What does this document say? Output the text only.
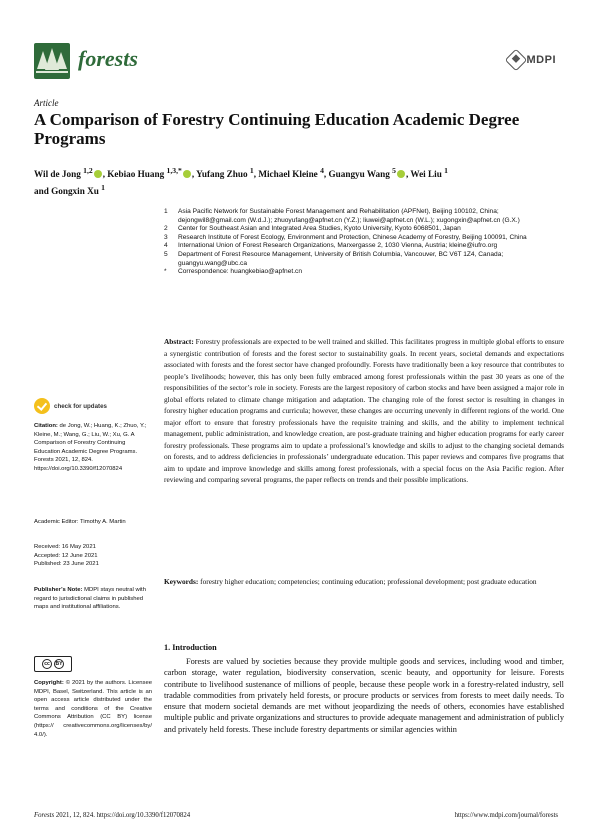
forests	MDPI
Article
A Comparison of Forestry Continuing Education Academic Degree Programs
Wil de Jong $^{1,2}$ , Kebiao Huang $^{1,3,*}$ , Yufang Zhuo $^1$, Michael Kleine $^4$, Guangyu Wang $^5$ , Wei Liu $^1$
and Gongxin Xu $^1$
1	Asia Pacific Network for Sustainable Forest Management and Rehabilitation (APFNet), Beijing 100102, China; dejongwil8@gmail.com (W.d.J.); zhuoyufang@apfnet.cn (Y.Z.); liuwei@apfnet.cn (W.L.); xugongxin@apfnet.cn (G.X.)
2	Center for Southeast Asian and Integrated Area Studies, Kyoto University, Kyoto 6068501, Japan
3	Research Institute of Forest Ecology, Environment and Protection, Chinese Academy of Forestry, Beijing 100091, China
4	International Union of Forest Research Organizations, Marxergasse 2, 1030 Vienna, Austria; kleine@iufro.org
5	Department of Forest Resource Management, University of British Columbia, Vancouver, BC V6T 1Z4, Canada; guangyu.wang@ubc.ca
*	Correspondence: huangkebiao@apfnet.cn
Abstract: Forestry professionals are expected to be well trained and skilled. This facilitates progress in multiple global efforts to ensure a synergistic contribution of forests and the forest sector to sustainability goals. In recent years, societal demands and expectations associated with forests and the forest sector have changed profoundly. Forests have traditionally been a key resource that contributes to people’s livelihoods; however, this has only been fully embraced among forest professionals within the past 30 years as one of the responsibilities of the sector’s role in society. Forests are the largest repository of carbon stocks and have been assigned a major role in global efforts related to climate change mitigation and adaptation. The changing role of the forest sector is resulting in changes in forestry higher education programs and curricula; however, these changes are occurring unevenly in different regions of the world. One major effort to ensure that forestry professionals have the requisite training and skills, and the ability to implement technical management, public administration, and knowledge creation, are post-graduate training and higher education programs for early career forestry professionals. These programs aim to update a professional’s knowledge and skills to adjust to the changing societal demands on forests, and to address deficiencies in professionals’ undergraduate education. This paper reviews and compares five programs that aim to update and improve knowledge and skills among forest professionals, with a special focus on the Asia Pacific region. After reviewing and comparing several programs, the paper reflects on trends and their possible implications.
Keywords: forestry higher education; competencies; continuing education; professional development; post graduate education
check for updates
Citation: de Jong, W.; Huang, K.; Zhuo, Y.; Kleine, M.; Wang, G.; Liu, W.; Xu, G. A Comparison of Forestry Continuing Education Academic Degree Programs. Forests 2021, 12, 824. https://doi.org/10.3390/f12070824
Academic Editor: Timothy A. Martin
Received: 16 May 2021
Accepted: 12 June 2021
Published: 23 June 2021
Publisher’s Note: MDPI stays neutral with regard to jurisdictional claims in published maps and institutional affiliations.
cc	BY
Copyright: © 2021 by the authors. Licensee MDPI, Basel, Switzerland. This article is an open access article distributed under the terms and conditions of the Creative Commons Attribution (CC BY) license (https:// creativecommons.org/licenses/by/ 4.0/).
1. Introduction
Forests are valued by societies because they provide multiple goods and services, including wood and timber, carbon storage, water regulation, biodiversity conservation, scenic beauty, and opportunity for leisure. Forests contribute to livelihood sustenance of millions of people, because these people work in a forestry-related industry, sell tradable commodities from privately held forests, or procure products or services from forests to meet daily needs. To ensure that modern societal demands are met without jeopardizing the needs of others, economies have established multiple public and private organizations and structures to provide adequate management and administration of publicly and privately held forests. These include forestry departments or similar agencies within
Forests 2021, 12, 824. https://doi.org/10.3390/f12070824	https://www.mdpi.com/journal/forests
